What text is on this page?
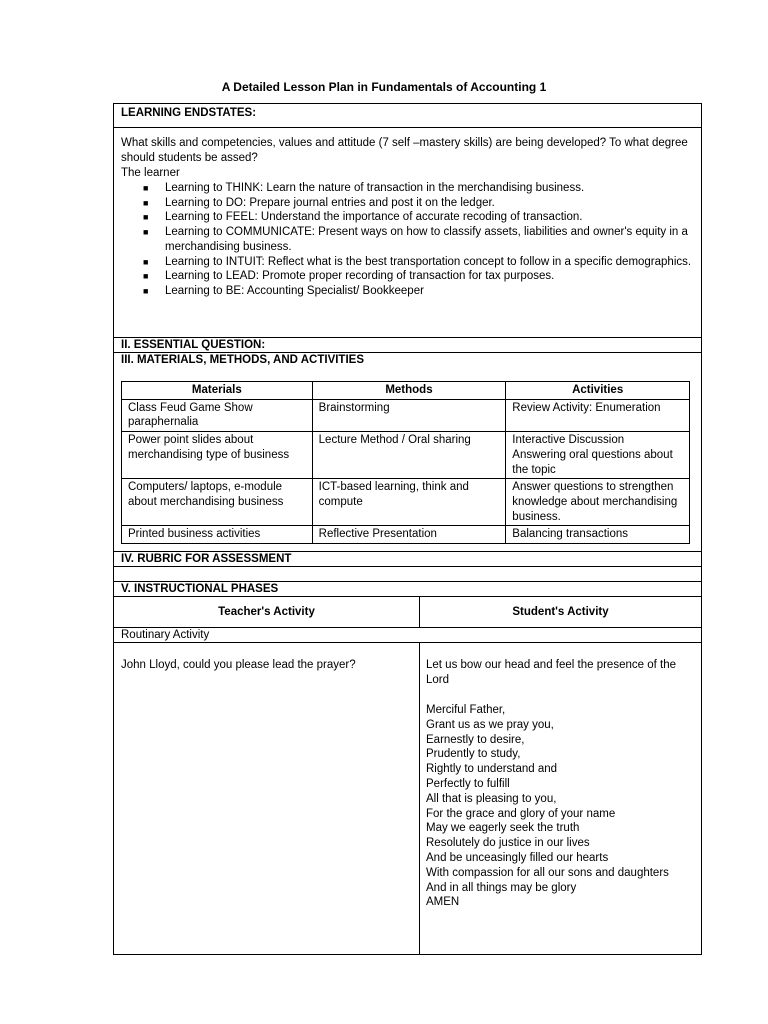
A Detailed Lesson Plan in Fundamentals of Accounting 1
LEARNING ENDSTATES:
What skills and competencies, values and attitude (7 self –mastery skills) are being developed? To what degree should students be assed?
The learner
■ Learning to THINK: Learn the nature of transaction in the merchandising business.
■ Learning to DO: Prepare journal entries and post it on the ledger.
■ Learning to FEEL: Understand the importance of accurate recoding of transaction.
■ Learning to COMMUNICATE: Present ways on how to classify assets, liabilities and owner's equity in a merchandising business.
■ Learning to INTUIT: Reflect what is the best transportation concept to follow in a specific demographics.
■ Learning to LEAD: Promote proper recording of transaction for tax purposes.
■ Learning to BE: Accounting Specialist/ Bookkeeper
II. ESSENTIAL QUESTION:
III. MATERIALS, METHODS, AND ACTIVITIES
Materials	Methods	Activities
Class Feud Game Show paraphernalia	Brainstorming	Review Activity: Enumeration
Power point slides about merchandising type of business	Lecture Method / Oral sharing	Interactive Discussion
Answering oral questions about the topic
Computers/ laptops, e-module about merchandising business	ICT-based learning, think and compute	Answer questions to strengthen knowledge about merchandising business.
Printed business activities	Reflective Presentation	Balancing transactions
IV. RUBRIC FOR ASSESSMENT
V. INSTRUCTIONAL PHASES
Teacher's Activity	Student's Activity
Routinary Activity
John Lloyd, could you please lead the prayer?	Let us bow our head and feel the presence of the Lord
Merciful Father,
Grant us as we pray you,
Earnestly to desire,
Prudently to study,
Rightly to understand and
Perfectly to fulfill
All that is pleasing to you,
For the grace and glory of your name
May we eagerly seek the truth
Resolutely do justice in our lives
And be unceasingly filled our hearts
With compassion for all our sons and daughters
And in all things may be glory
AMEN
